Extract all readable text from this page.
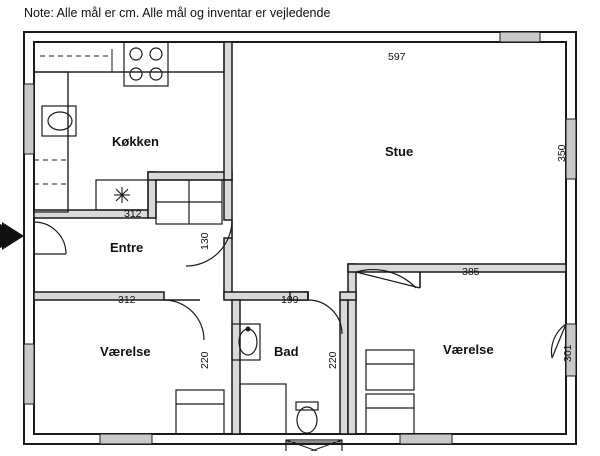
Note: Alle mål er cm. Alle mål og inventar er vejledende
Køkken
Stue
Entre
Værelse	Bad	Værelse
597
350
312
130
385
312	199
220	220	301
